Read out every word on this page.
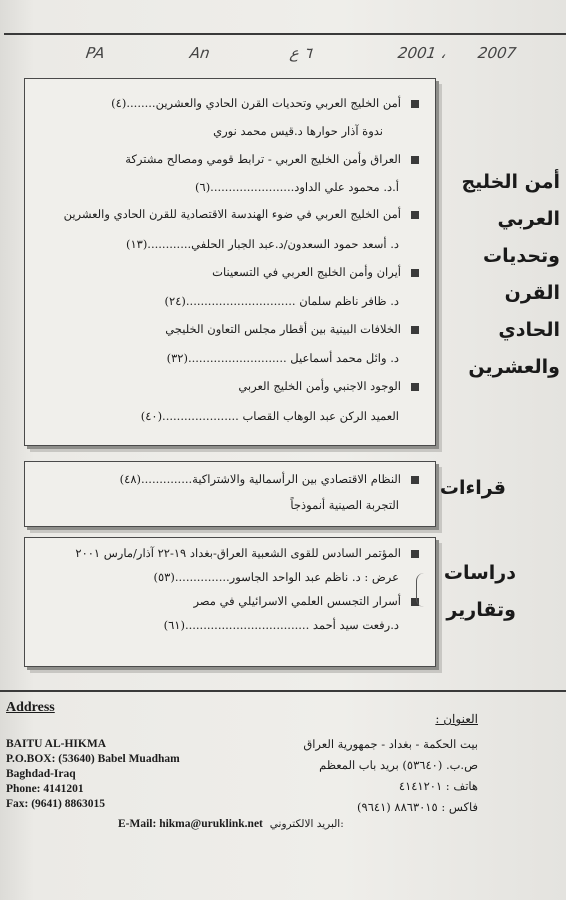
PA	An	٦ ع	2001 ، 2007
أمن الخليج العربي وتحديات القرن الحادي والعشرين........(٤)
ندوة آذار حوارها د.قيس محمد نوري
العراق وأمن الخليج العربي - ترابط قومي ومصالح مشتركة
أ.د. محمود علي الداود.......................(٦)
أمن الخليج العربي في ضوء الهندسة الاقتصادية للقرن الحادي والعشرين
د. أسعد حمود السعدون/د.عبد الجبار الحلفي............(١٣)
أيران وأمن الخليج العربي في التسعينات
د. ظافر ناظم سلمان ..............................(٢٤)
الخلافات البينية بين أقطار مجلس التعاون الخليجي
د. وائل محمد أسماعيل ...........................(٣٢)
الوجود الاجنبي وأمن الخليج العربي
العميد الركن عبد الوهاب القصاب .....................(٤٠)
أمن الخليج
العربي
وتحديات
القرن
الحادي
والعشرين
النظام الاقتصادي بين الرأسمالية والاشتراكية..............(٤٨)
التجربة الصينية أنموذجاً
قراءات
المؤتمر السادس للقوى الشعبية العراق-بغداد ١٩-٢٢ آذار/مارس ٢٠٠١
عرض : د. ناظم عبد الواحد الجاسور...............(٥٣)
أسرار التجسس العلمي الاسرائيلي في مصر
د.رفعت سيد أحمد ..................................(٦١)
دراسات
وتقارير
Address
BAITU AL-HIKMA
P.O.BOX: (53640) Babel Muadham
Baghdad-Iraq
Phone: 4141201
Fax: (9641) 8863015
العنوان :
بيت الحكمة - بغداد - جمهورية العراق
ص.ب. (٥٣٦٤٠) بريد باب المعظم
هاتف : ٤١٤١٢٠١
فاكس : ٨٨٦٣٠١٥ (٩٦٤١)
E-Mail: hikma@uruklink.net البريد الالكتروني:
